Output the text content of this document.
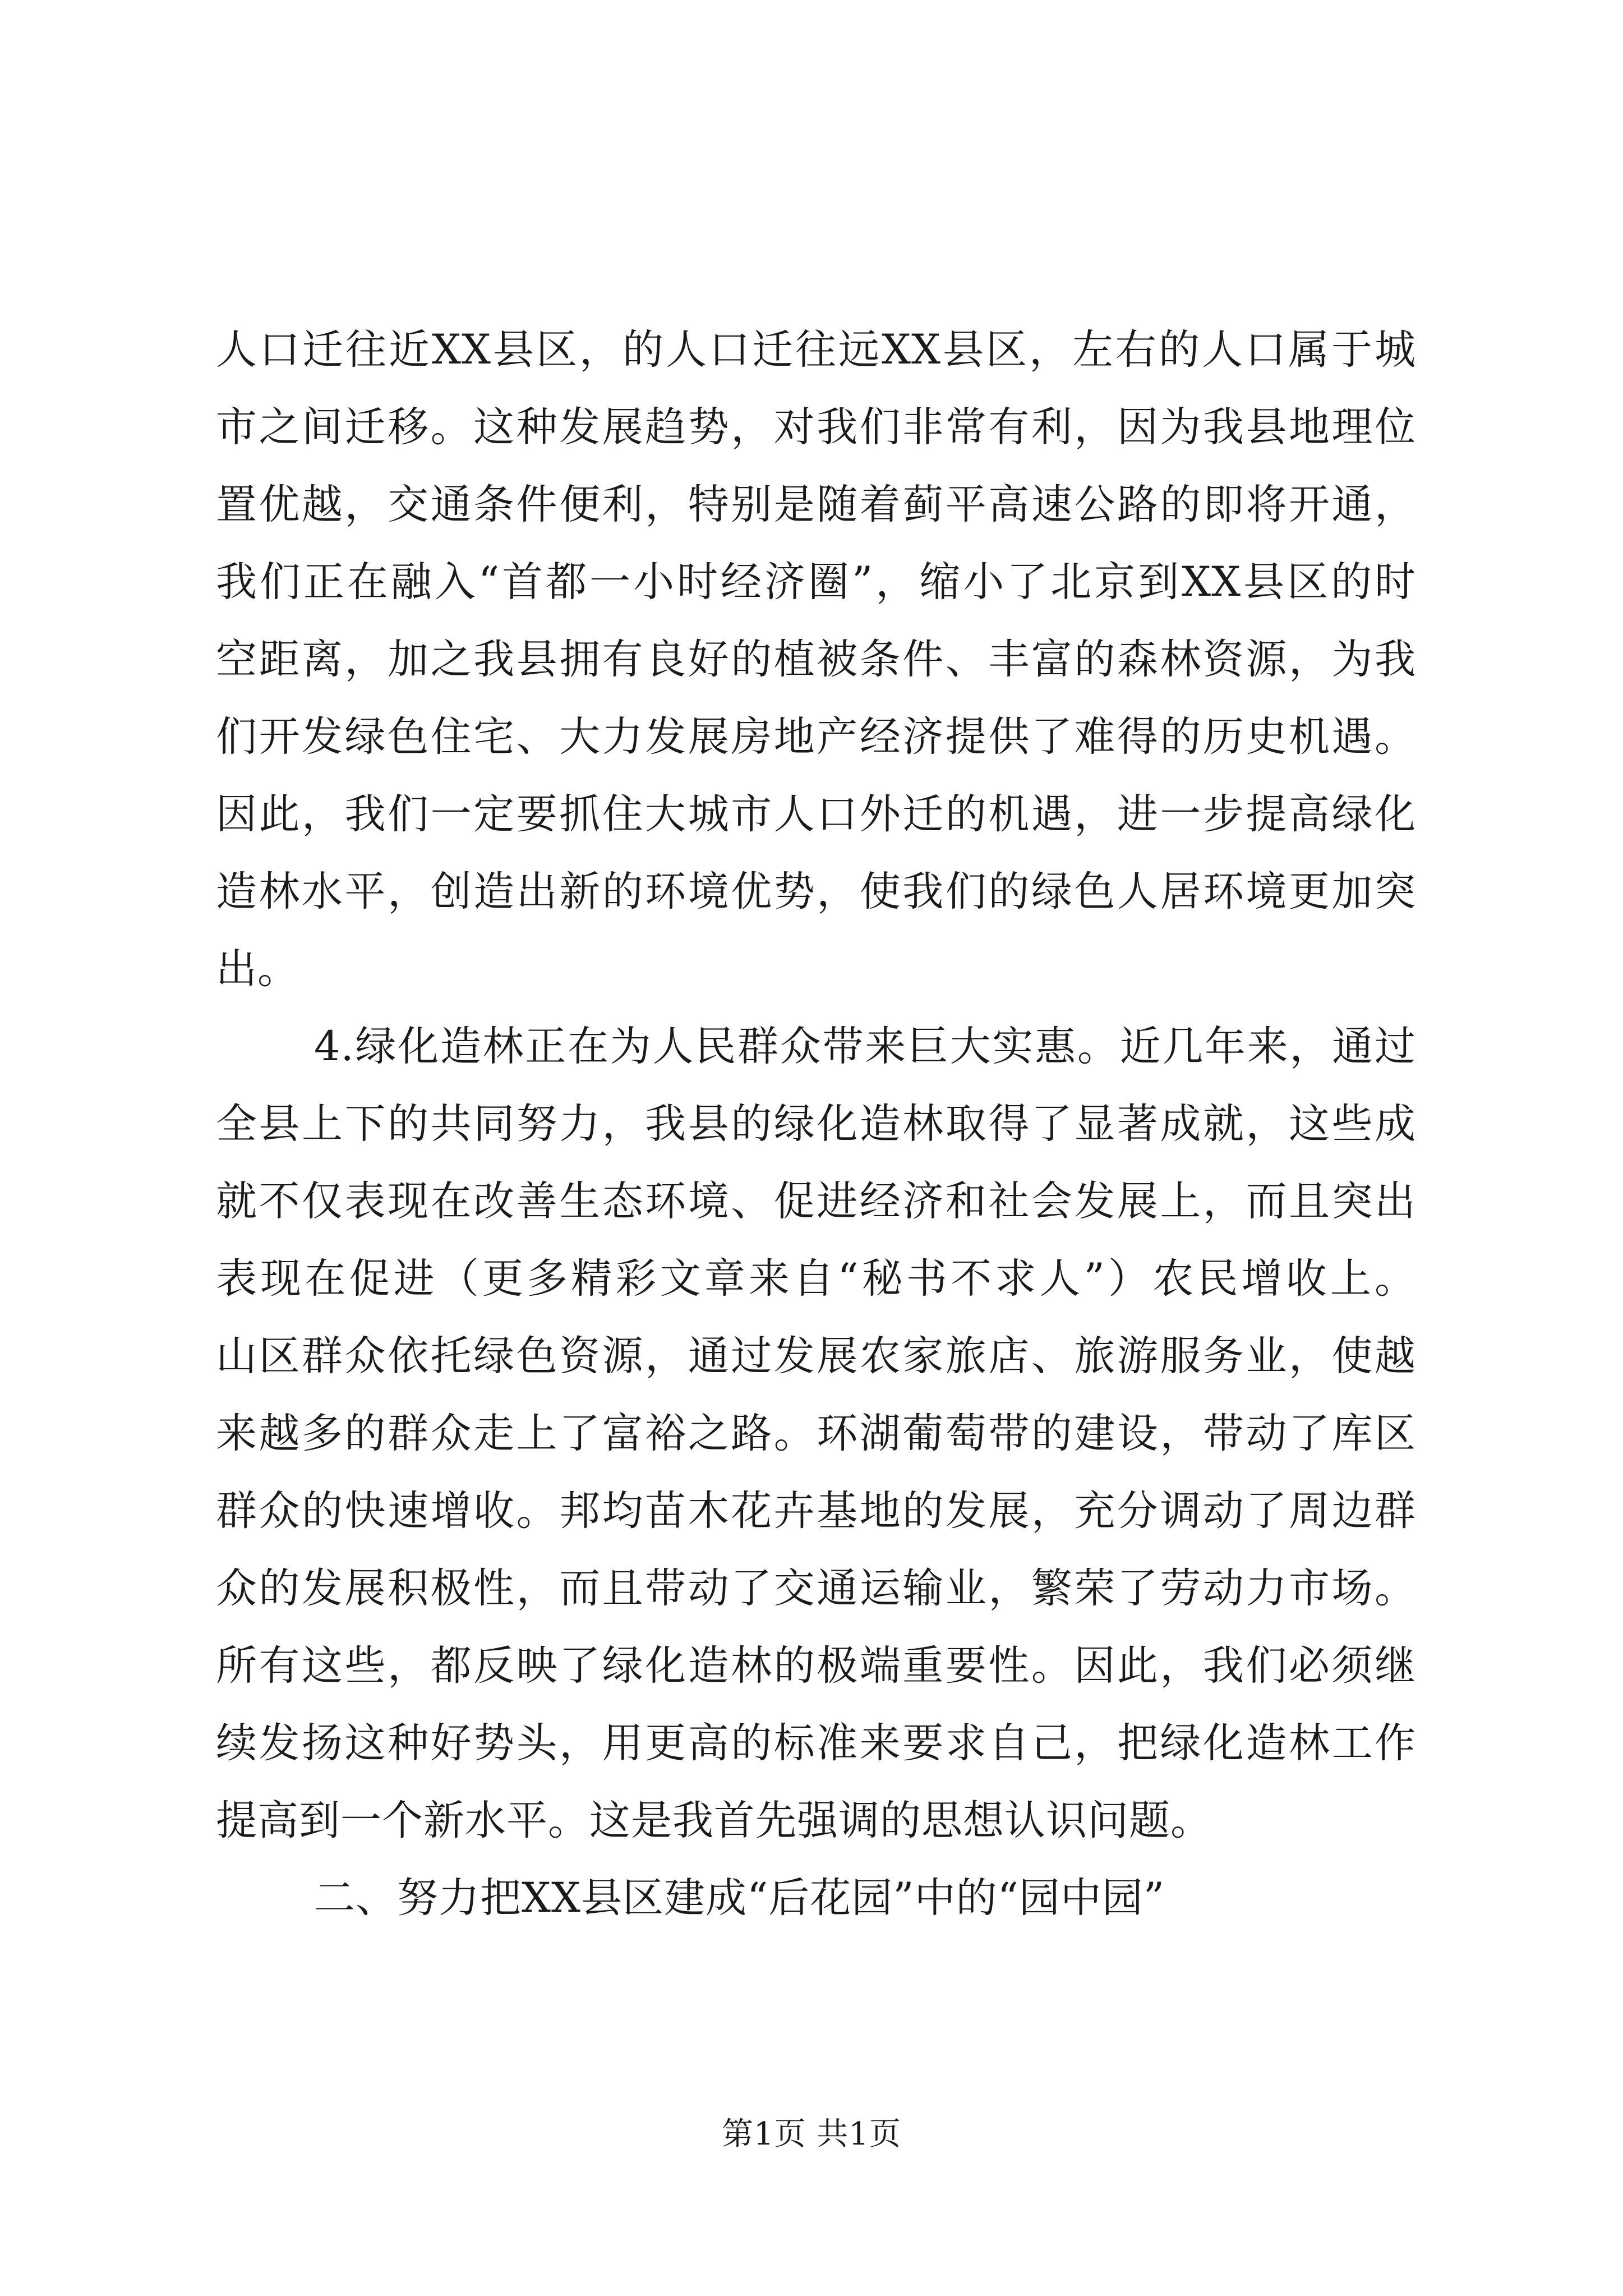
人口迁往近XX县区，的人口迁往远XX县区，左右的人口属于城
市之间迁移。这种发展趋势，对我们非常有利，因为我县地理位
置优越，交通条件便利，特别是随着蓟平高速公路的即将开通，
我们正在融入“首都一小时经济圈”，缩小了北京到XX县区的时
空距离，加之我县拥有良好的植被条件、丰富的森林资源，为我
们开发绿色住宅、大力发展房地产经济提供了难得的历史机遇。
因此，我们一定要抓住大城市人口外迁的机遇，进一步提高绿化
造林水平，创造出新的环境优势，使我们的绿色人居环境更加突
出。
4.绿化造林正在为人民群众带来巨大实惠。近几年来，通过
全县上下的共同努力，我县的绿化造林取得了显著成就，这些成
就不仅表现在改善生态环境、促进经济和社会发展上，而且突出
表现在促进（更多精彩文章来自“秘书不求人”）农民增收上。
山区群众依托绿色资源，通过发展农家旅店、旅游服务业，使越
来越多的群众走上了富裕之路。环湖葡萄带的建设，带动了库区
群众的快速增收。邦均苗木花卉基地的发展，充分调动了周边群
众的发展积极性，而且带动了交通运输业，繁荣了劳动力市场。
所有这些，都反映了绿化造林的极端重要性。因此，我们必须继
续发扬这种好势头，用更高的标准来要求自己，把绿化造林工作
提高到一个新水平。这是我首先强调的思想认识问题。
二、努力把XX县区建成“后花园”中的“园中园”
第1页 共1页
